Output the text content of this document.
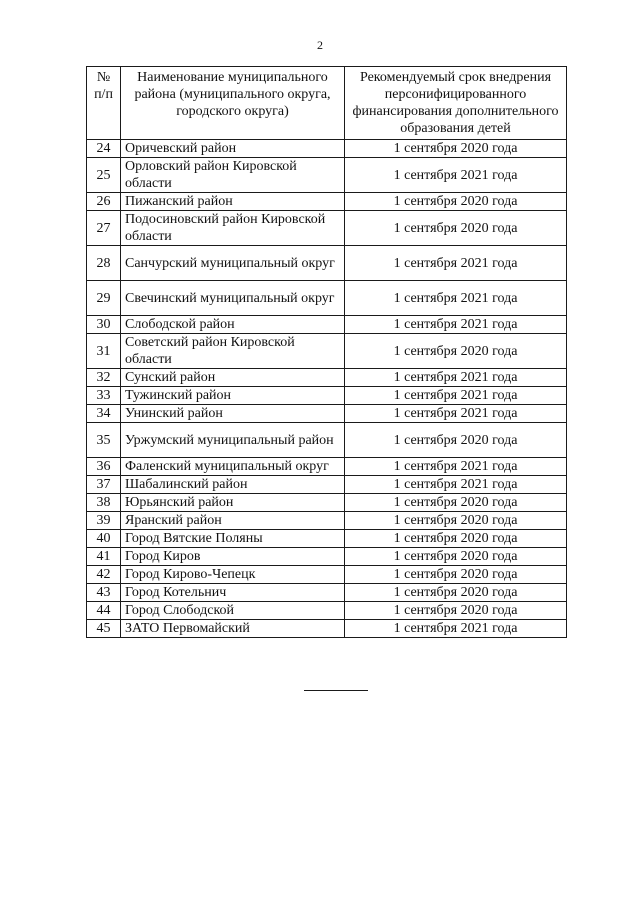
2
№ п/п	Наименование муниципального района (муниципального округа, городского округа)	Рекомендуемый срок внедрения персонифицированного финансирования дополнительного образования детей
24	Оричевский район	1 сентября 2020 года
25	Орловский район Кировской области	1 сентября 2021 года
26	Пижанский район	1 сентября 2020 года
27	Подосиновский район Кировской области	1 сентября 2020 года
28	Санчурский муниципальный округ	1 сентября 2021 года
29	Свечинский муниципальный округ	1 сентября 2021 года
30	Слободской район	1 сентября 2021 года
31	Советский район Кировской области	1 сентября 2020 года
32	Сунский район	1 сентября 2021 года
33	Тужинский район	1 сентября 2021 года
34	Унинский район	1 сентября 2021 года
35	Уржумский муниципальный район	1 сентября 2020 года
36	Фаленский муниципальный округ	1 сентября 2021 года
37	Шабалинский район	1 сентября 2021 года
38	Юрьянский район	1 сентября 2020 года
39	Яранский район	1 сентября 2020 года
40	Город Вятские Поляны	1 сентября 2020 года
41	Город Киров	1 сентября 2020 года
42	Город Кирово-Чепецк	1 сентября 2020 года
43	Город Котельнич	1 сентября 2020 года
44	Город Слободской	1 сентября 2020 года
45	ЗАТО Первомайский	1 сентября 2021 года
